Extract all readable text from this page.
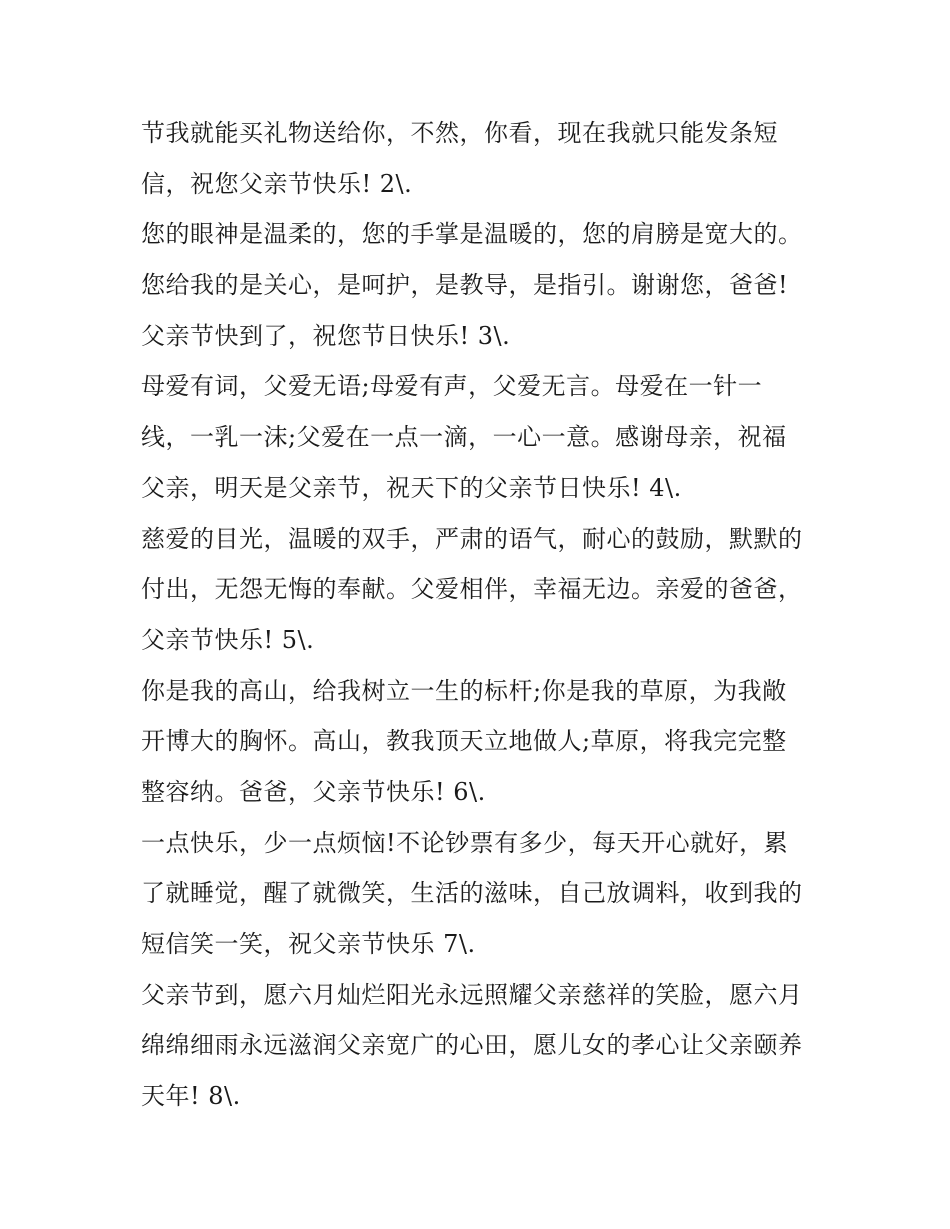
节我就能买礼物送给你，不然，你看，现在我就只能发条短
信，祝您父亲节快乐! 2\.
您的眼神是温柔的，您的手掌是温暖的，您的肩膀是宽大的。
您给我的是关心，是呵护，是教导，是指引。谢谢您，爸爸!
父亲节快到了，祝您节日快乐! 3\.
母爱有词，父爱无语;母爱有声，父爱无言。母爱在一针一
线，一乳一沫;父爱在一点一滴，一心一意。感谢母亲，祝福
父亲，明天是父亲节，祝天下的父亲节日快乐! 4\.
慈爱的目光，温暖的双手，严肃的语气，耐心的鼓励，默默的
付出，无怨无悔的奉献。父爱相伴，幸福无边。亲爱的爸爸，
父亲节快乐! 5\.
你是我的高山，给我树立一生的标杆;你是我的草原，为我敞
开博大的胸怀。高山，教我顶天立地做人;草原，将我完完整
整容纳。爸爸，父亲节快乐! 6\.
一点快乐，少一点烦恼!不论钞票有多少，每天开心就好，累
了就睡觉，醒了就微笑，生活的滋味，自己放调料，收到我的
短信笑一笑，祝父亲节快乐 7\.
父亲节到，愿六月灿烂阳光永远照耀父亲慈祥的笑脸，愿六月
绵绵细雨永远滋润父亲宽广的心田，愿儿女的孝心让父亲颐养
天年! 8\.
